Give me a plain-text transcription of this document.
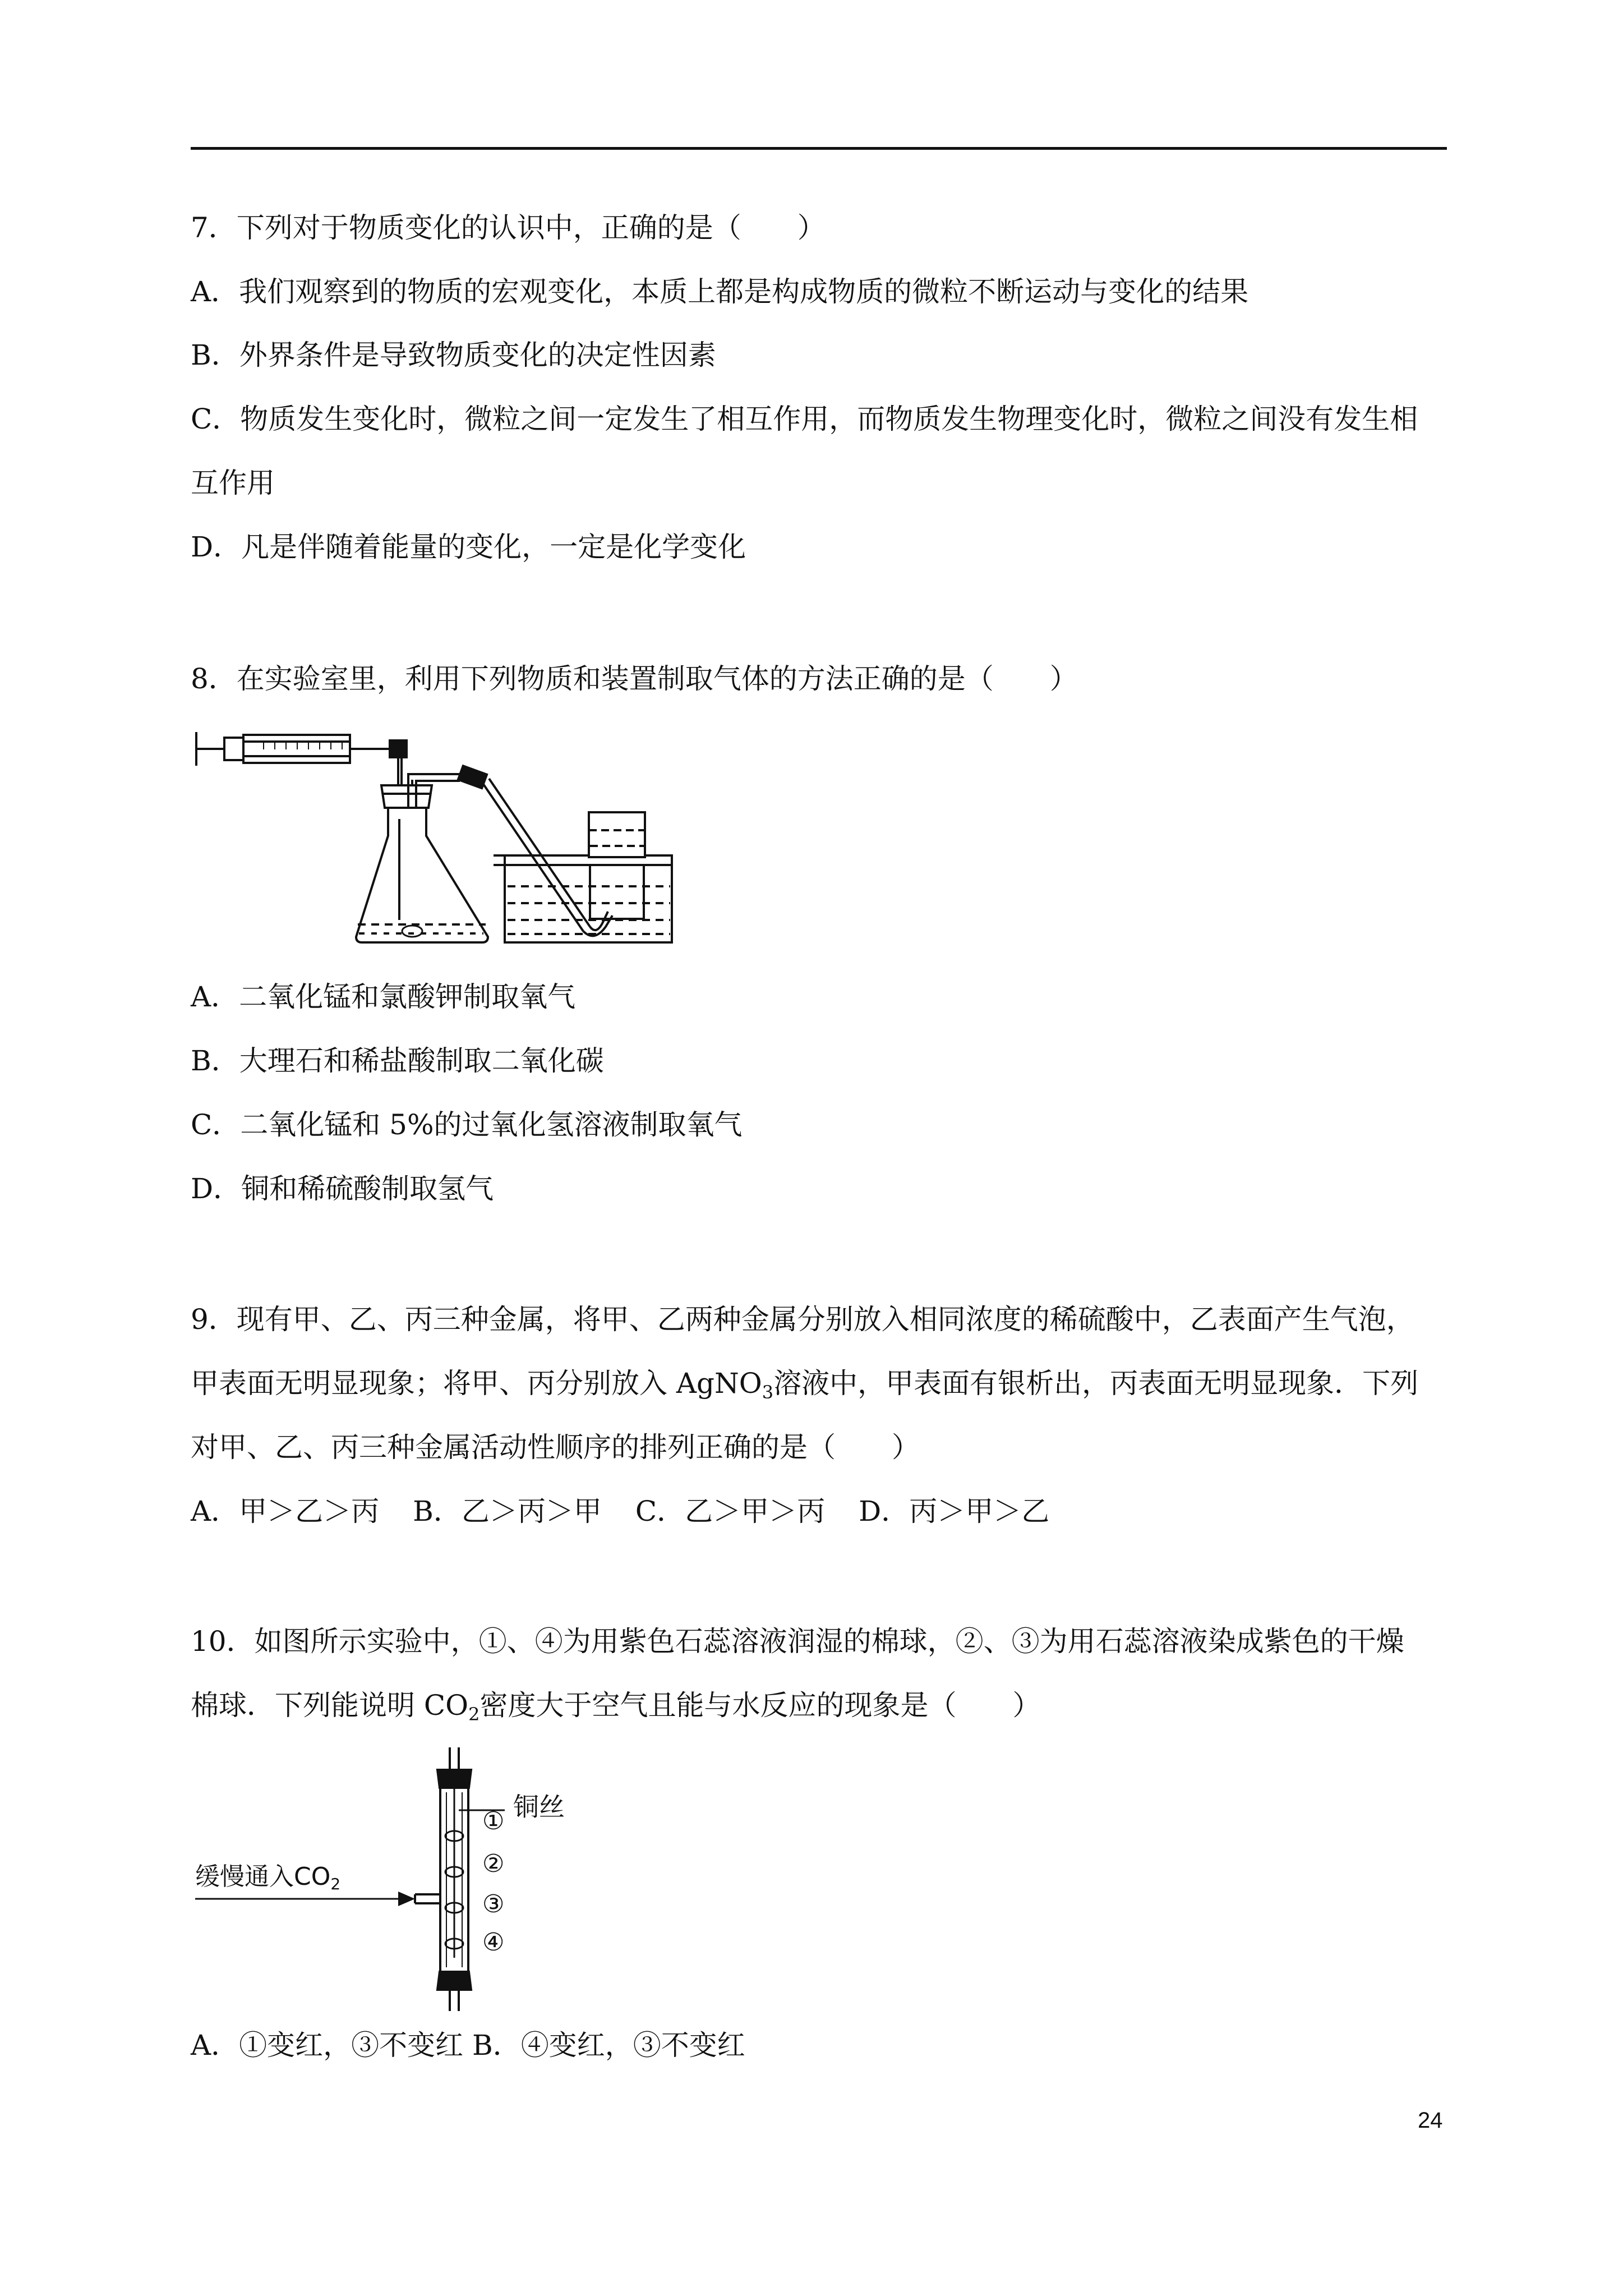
7．下列对于物质变化的认识中，正确的是（　　）
A．我们观察到的物质的宏观变化，本质上都是构成物质的微粒不断运动与变化的结果
B．外界条件是导致物质变化的决定性因素
C．物质发生变化时，微粒之间一定发生了相互作用，而物质发生物理变化时，微粒之间没有发生相
互作用
D．凡是伴随着能量的变化，一定是化学变化
8．在实验室里，利用下列物质和装置制取气体的方法正确的是（　　）
A．二氧化锰和氯酸钾制取氧气
B．大理石和稀盐酸制取二氧化碳
C．二氧化锰和 5%的过氧化氢溶液制取氧气
D．铜和稀硫酸制取氢气
9．现有甲、乙、丙三种金属，将甲、乙两种金属分别放入相同浓度的稀硫酸中，乙表面产生气泡，
甲表面无明显现象；将甲、丙分别放入 AgNO$_3$溶液中，甲表面有银析出，丙表面无明显现象．下列
对甲、乙、丙三种金属活动性顺序的排列正确的是（　　）
A．甲＞乙＞丙 B．乙＞丙＞甲 C．乙＞甲＞丙 D．丙＞甲＞乙
10．如图所示实验中，①、④为用紫色石蕊溶液润湿的棉球，②、③为用石蕊溶液染成紫色的干燥
棉球．下列能说明 $CO_2$密度大于空气且能与水反应的现象是（　　）
缓慢通入CO2
铜丝
①
②
③
④
A．①变红，③不变红 B．④变红，③不变红
24
